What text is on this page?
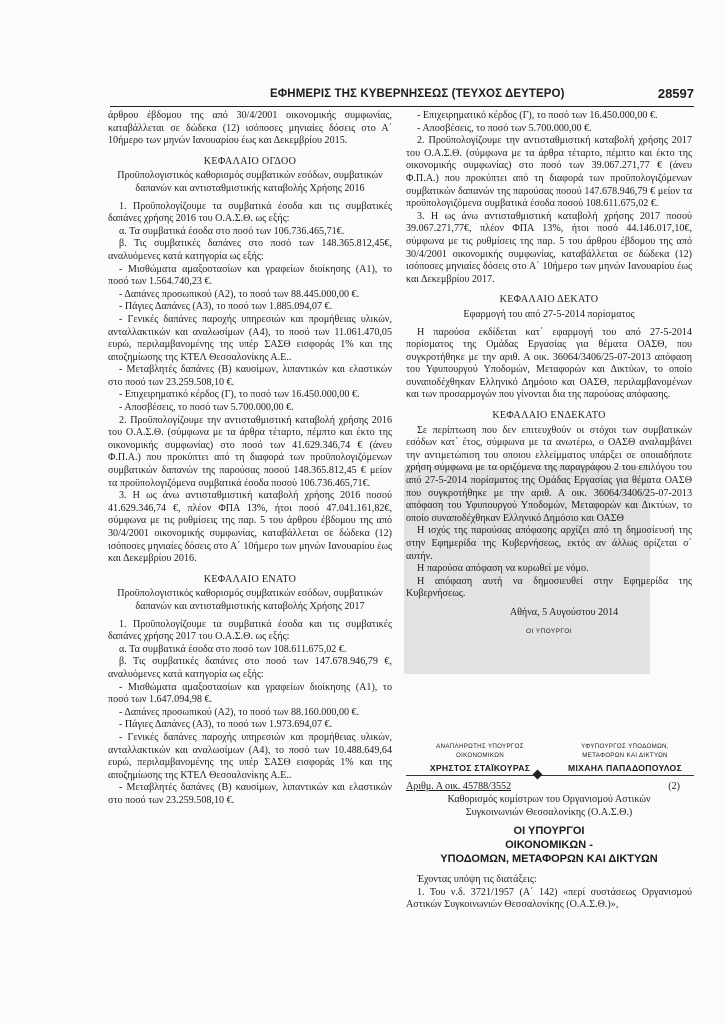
ΕΦΗΜΕΡΙΣ ΤΗΣ ΚΥΒΕΡΝΗΣΕΩΣ (ΤΕΥΧΟΣ ΔΕΥΤΕΡΟ)	28597

άρθρου έβδομου της από 30/4/2001 οικονομικής συμφωνίας, καταβάλλεται σε δώδεκα (12) ισόποσες μηνιαίες δόσεις στο Α΄ 10ήμερο των μηνών Ιανουαρίου έως και Δεκεμβρίου 2015.

ΚΕΦΑΛΑΙΟ ΟΓΔΟΟ
Προϋπολογιστικός καθορισμός συμβατικών εσόδων, συμβατικών δαπανών και αντισταθμιστικής καταβολής Χρήσης 2016

1. Προϋπολογίζουμε τα συμβατικά έσοδα και τις συμβατικές δαπάνες χρήσης 2016 του Ο.Α.Σ.Θ. ως εξής:

α. Τα συμβατικά έσοδα στο ποσό των 106.736.465,71€.

β. Τις συμβατικές δαπάνες στο ποσό των 148.365.812,45€, αναλυόμενες κατά κατηγορία ως εξής:

- Μισθώματα αμαξοστασίων και γραφείων διοίκησης (Α1), το ποσό των 1.564.740,23 €.

- Δαπάνες προσωπικού (Α2), το ποσό των 88.445.000,00 €.

- Πάγιες Δαπάνες (Α3), το ποσό των 1.885.094,07 €.

- Γενικές δαπάνες παροχής υπηρεσιών και προμήθειας υλικών, ανταλλακτικών και αναλωσίμων (Α4), το ποσό των 11.061.470,05 ευρώ, περιλαμβανομένης της υπέρ ΣΑΣΘ εισφοράς 1% και της αποζημίωσης της ΚΤΕΛ Θεσσαλονίκης Α.Ε..

- Μεταβλητές δαπάνες (Β) καυσίμων, λιπαντικών και ελαστικών στο ποσό των 23.259.508,10 €.

- Επιχειρηματικό κέρδος (Γ), το ποσό των 16.450.000,00 €.

- Αποσβέσεις, το ποσό των 5.700.000,00 €.

2. Προϋπολογίζουμε την αντισταθμιστική καταβολή χρήσης 2016 του Ο.Α.Σ.Θ. (σύμφωνα με τα άρθρα τέταρτο, πέμπτο και έκτο της οικονομικής συμφωνίας) στο ποσό των 41.629.346,74 € (άνευ Φ.Π.Α.) που προκύπτει από τη διαφορά των προϋπολογιζόμενων συμβατικών δαπανών της παρούσας ποσού 148.365.812,45 € μείον τα προϋπολογιζόμενα συμβατικά έσοδα ποσού 106.736.465,71€.

3. Η ως άνω αντισταθμιστική καταβολή χρήσης 2016 ποσού 41.629.346,74 €, πλέον ΦΠΑ 13%, ήτοι ποσό 47.041.161,82€, σύμφωνα με τις ρυθμίσεις της παρ. 5 του άρθρου έβδομου της από 30/4/2001 οικονομικής συμφωνίας, καταβάλλεται σε δώδεκα (12) ισόποσες μηνιαίες δόσεις στο Α΄ 10ήμερο των μηνών Ιανουαρίου έως και Δεκεμβρίου 2016.

ΚΕΦΑΛΑΙΟ ΕΝΑΤΟ
Προϋπολογιστικός καθορισμός συμβατικών εσόδων, συμβατικών δαπανών και αντισταθμιστικής καταβολής Χρήσης 2017

1. Προϋπολογίζουμε τα συμβατικά έσοδα και τις συμβατικές δαπάνες χρήσης 2017 του Ο.Α.Σ.Θ. ως εξής:

α. Τα συμβατικά έσοδα στο ποσό των 108.611.675,02 €.

β. Τις συμβατικές δαπάνες στο ποσό των 147.678.946,79 €, αναλυόμενες κατά κατηγορία ως εξής:

- Μισθώματα αμαξοστασίων και γραφείων διοίκησης (Α1), το ποσό των 1.647.094,98 €.

- Δαπάνες προσωπικού (Α2), το ποσό των 88.160.000,00 €.

- Πάγιες Δαπάνες (Α3), το ποσό των 1.973.694,07 €.

- Γενικές δαπάνες παροχής υπηρεσιών και προμήθειας υλικών, ανταλλακτικών και αναλωσίμων (Α4), το ποσό των 10.488.649,64 ευρώ, περιλαμβανομένης της υπέρ ΣΑΣΘ εισφοράς 1% και της αποζημίωσης της ΚΤΕΛ Θεσσαλονίκης Α.Ε..

- Μεταβλητές δαπάνες (Β) καυσίμων, λιπαντικών και ελαστικών στο ποσό των 23.259.508,10 €.

- Επιχειρηματικό κέρδος (Γ), το ποσό των 16.450.000,00 €.

- Αποσβέσεις, το ποσό των 5.700.000,00 €.

2. Προϋπολογίζουμε την αντισταθμιστική καταβολή χρήσης 2017 του Ο.Α.Σ.Θ. (σύμφωνα με τα άρθρα τέταρτο, πέμπτο και έκτο της οικονομικής συμφωνίας) στο ποσό των 39.067.271,77 € (άνευ Φ.Π.Α.) που προκύπτει από τη διαφορά των προϋπολογιζόμενων συμβατικών δαπανών της παρούσας ποσού 147.678.946,79 € μείον τα προϋπολογιζόμενα συμβατικά έσοδα ποσού 108.611.675,02 €.

3. Η ως άνω αντισταθμιστική καταβολή χρήσης 2017 ποσού 39.067.271,77€, πλέον ΦΠΑ 13%, ήτοι ποσό 44.146.017,10€, σύμφωνα με τις ρυθμίσεις της παρ. 5 του άρθρου έβδομου της από 30/4/2001 οικονομικής συμφωνίας, καταβάλλεται σε δώδεκα (12) ισόποσες μηνιαίες δόσεις στο Α΄ 10ήμερο των μηνών Ιανουαρίου έως και Δεκεμβρίου 2017.

ΚΕΦΑΛΑΙΟ ΔΕΚΑΤΟ
Εφαρμογή του από 27-5-2014 πορίσματος

Η παρούσα εκδίδεται κατ΄ εφαρμογή του από 27-5-2014 πορίσματος της Ομάδας Εργασίας για θέματα ΟΑΣΘ, που συγκροτήθηκε με την αριθ. Α οικ. 36064/3406/25-07-2013 απόφαση του Υφυπουργού Υποδομών, Μεταφορών και Δικτύων, το οποίο συναποδέχθηκαν Ελληνικό Δημόσιο και ΟΑΣΘ, περιλαμβανομένων και των προσαρμογών που γίνονται δια της παρούσας απόφασης.

ΚΕΦΑΛΑΙΟ ΕΝΔΕΚΑΤΟ

Σε περίπτωση που δεν επιτευχθούν οι στόχοι των συμβατικών εσόδων κατ΄ έτος, σύμφωνα με τα ανωτέρω, ο ΟΑΣΘ αναλαμβάνει την αντιμετώπιση του οποιου ελλείμματος υπάρξει σε οποιαδήποτε χρήση σύμφωνα με τα οριζόμενα της παραγράφου 2 του επιλόγου του από 27-5-2014 πορίσματος της Ομάδας Εργασίας για θέματα ΟΑΣΘ που συγκροτήθηκε με την αριθ. Α οικ. 36064/3406/25-07-2013 απόφαση του Υφυπουργού Υποδομών, Μεταφορών και Δικτύων, το οποίο συναποδέχθηκαν Ελληνικό Δημόσιο και ΟΑΣΘ

Η ισχύς της παρούσας απόφασης αρχίζει από τη δημοσίευσή της στην Εφημερίδα της Κυβερνήσεως, εκτός αν άλλως ορίζεται σ΄ αυτήν.

Η παρούσα απόφαση να κυρωθεί με νόμο.

Η απόφαση αυτή να δημοσιευθεί στην Εφημερίδα της Κυβερνήσεως.

Αθήνα, 5 Αυγούστου 2014
ΟΙ ΥΠΟΥΡΓΟΙ
ΑΝΑΠΛΗΡΩΤΗΣ ΥΠΟΥΡΓΟΣ
ΟΙΚΟΝΟΜΙΚΩΝ
ΧΡΗΣΤΟΣ ΣΤΑΪΚΟΥΡΑΣ
ΥΦΥΠΟΥΡΓΟΣ ΥΠΟΔΟΜΩΝ,
ΜΕΤΑΦΟΡΩΝ ΚΑΙ ΔΙΚΤΥΩΝ
ΜΙΧΑΗΛ ΠΑΠΑΔΟΠΟΥΛΟΣ
Αριθμ. Α οικ. 45788/3552	(2)
Καθορισμός κομίστρων του Οργανισμού Αστικών Συγκοινωνιών Θεσσαλονίκης (Ο.Α.Σ.Θ.)
ΟΙ ΥΠΟΥΡΓΟΙ
ΟΙΚΟΝΟΜΙΚΩΝ -
ΥΠΟΔΟΜΩΝ, ΜΕΤΑΦΟΡΩΝ ΚΑΙ ΔΙΚΤΥΩΝ

Έχοντας υπόψη τις διατάξεις:

1. Του ν.δ. 3721/1957 (Α΄ 142) «περί συστάσεως Οργανισμού Αστικών Συγκοινωνιών Θεσσαλονίκης (Ο.Α.Σ.Θ.)»,
